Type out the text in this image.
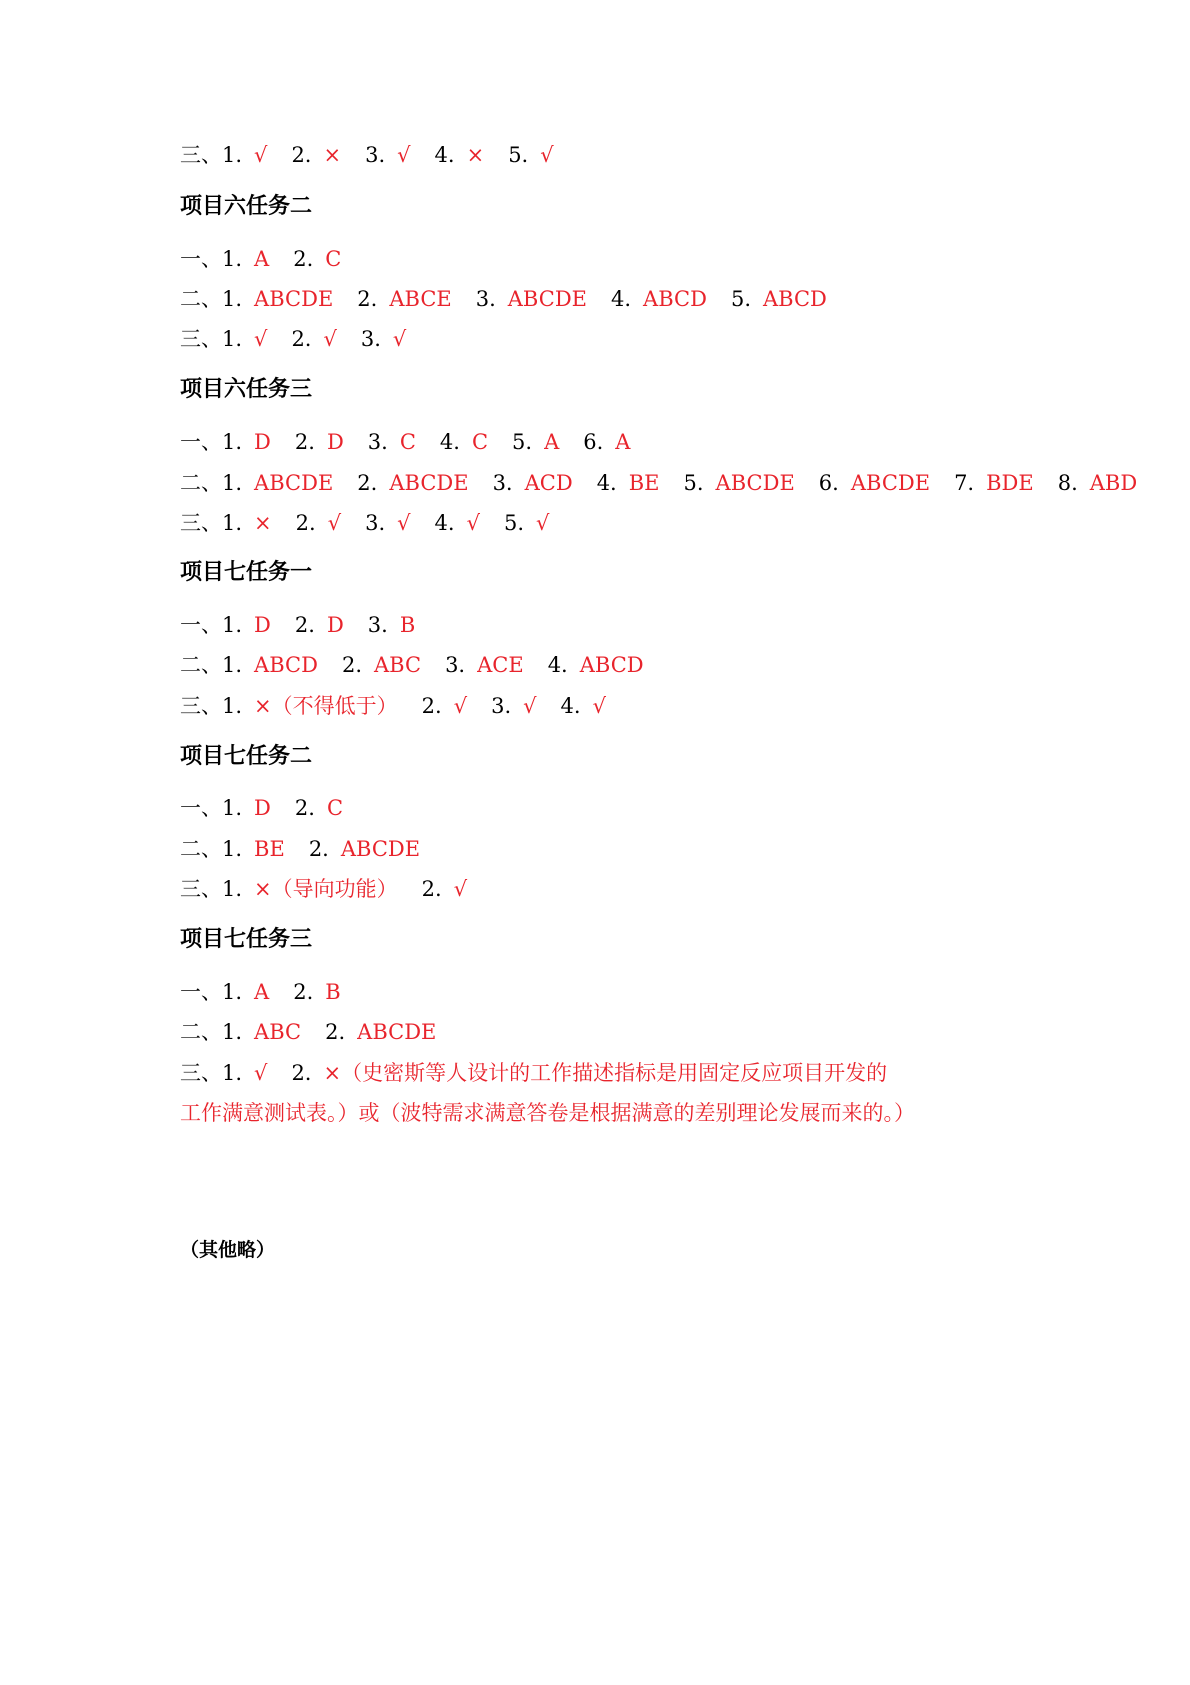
三、1. √ 2. × 3. √ 4. × 5. √
项目六任务二
一、1. A 2. C
二、1. ABCDE 2. ABCE 3. ABCDE 4. ABCD 5. ABCD
三、1. √ 2. √ 3. √
项目六任务三
一、1. D 2. D 3. C 4. C 5. A 6. A
二、1. ABCDE 2. ABCDE 3. ACD 4. BE 5. ABCDE 6. ABCDE 7. BDE 8. ABD
三、1. × 2. √ 3. √ 4. √ 5. √
项目七任务一
一、1. D 2. D 3. B
二、1. ABCD 2. ABC 3. ACE 4. ABCD
三、1. ×（不得低于） 2. √ 3. √ 4. √
项目七任务二
一、1. D 2. C
二、1. BE 2. ABCDE
三、1. ×（导向功能） 2. √
项目七任务三
一、1. A 2. B
二、1. ABC 2. ABCDE
三、1. √ 2. ×（史密斯等人设计的工作描述指标是用固定反应项目开发的
工作满意测试表。）或（波特需求满意答卷是根据满意的差别理论发展而来的。）
（其他略）
